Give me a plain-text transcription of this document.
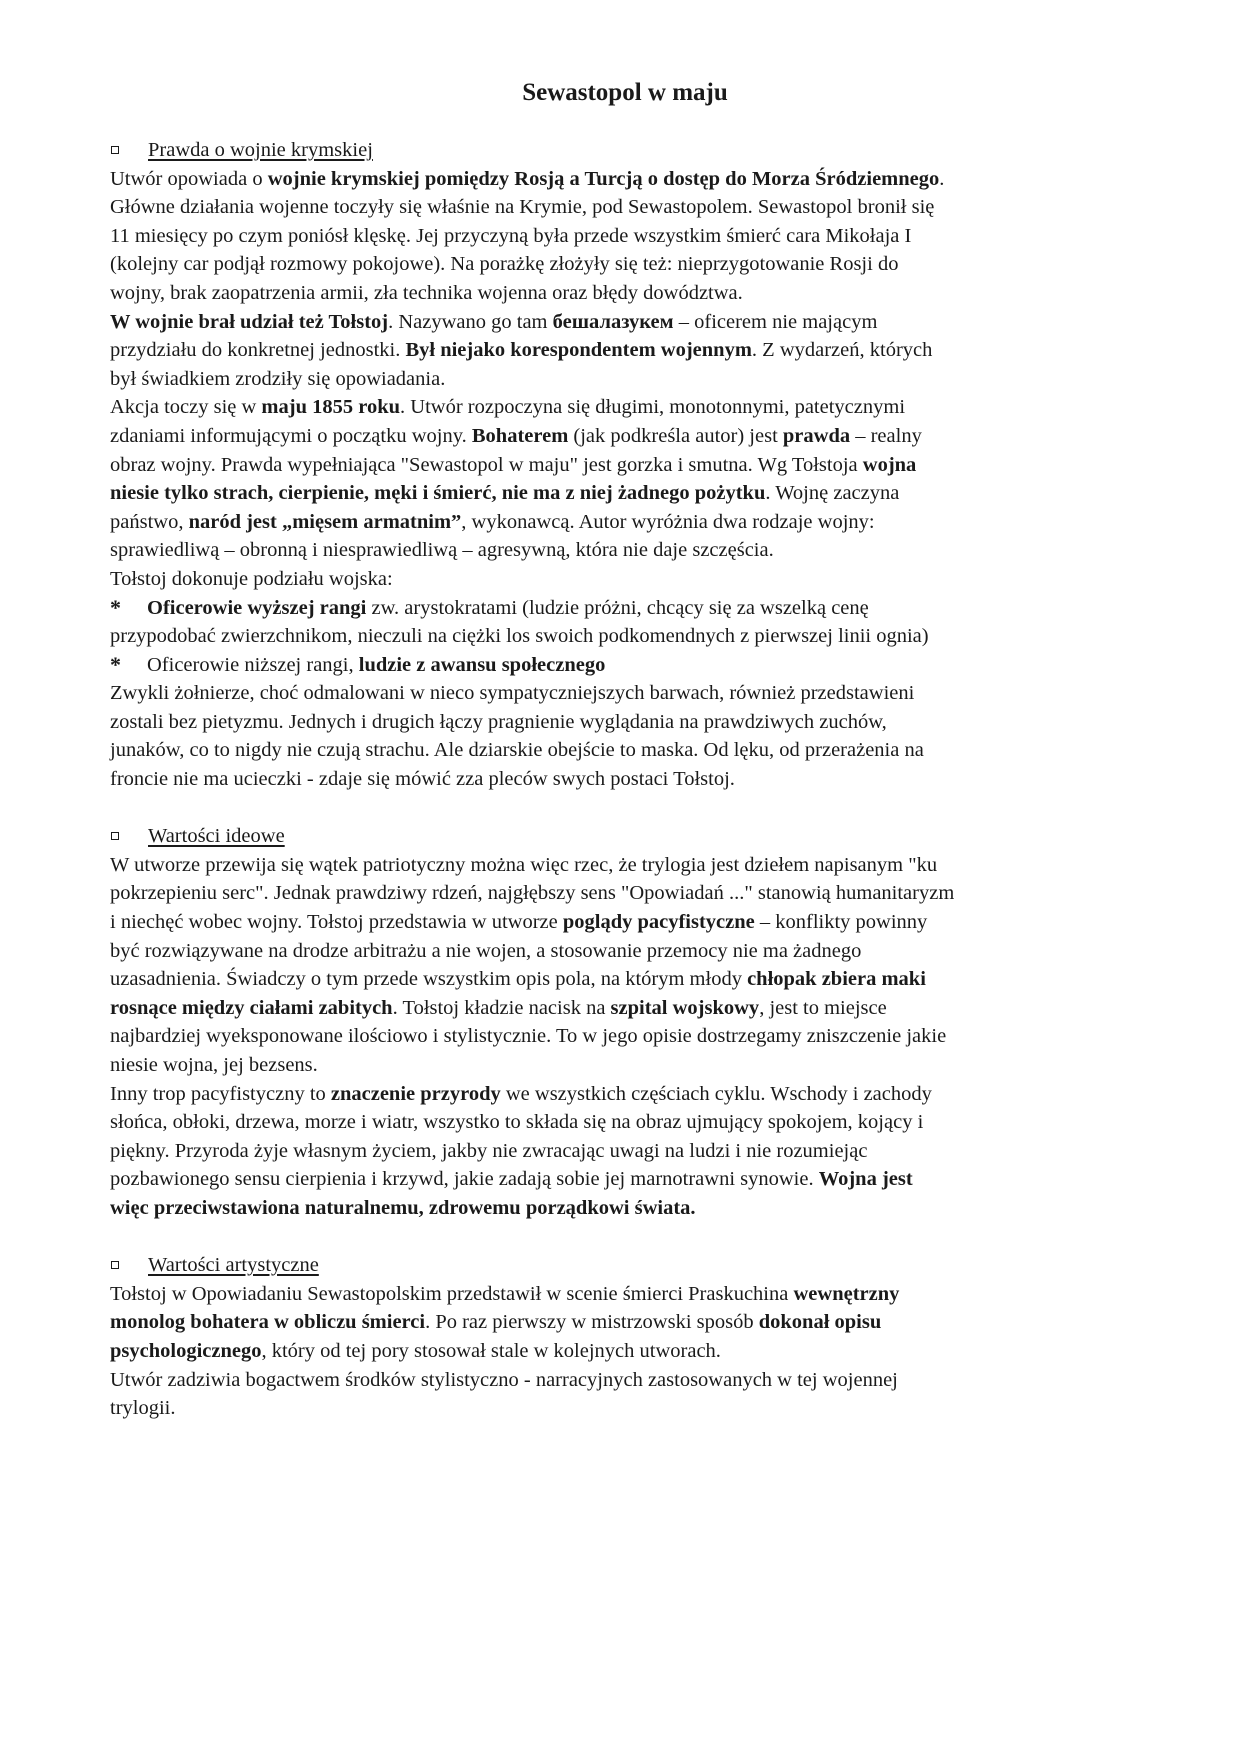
Sewastopol w maju
Prawda o wojnie krymskiej
Utwór opowiada o wojnie krymskiej pomiędzy Rosją a Turcją o dostęp do Morza Śródziemnego.
Główne działania wojenne toczyły się właśnie na Krymie, pod Sewastopolem. Sewastopol bronił się
11 miesięcy po czym poniósł klęskę. Jej przyczyną była przede wszystkim śmierć cara Mikołaja I
(kolejny car podjął rozmowy pokojowe). Na porażkę złożyły się też: nieprzygotowanie Rosji do
wojny, brak zaopatrzenia armii, zła technika wojenna oraz błędy dowództwa.
W wojnie brał udział też Tołstoj. Nazywano go tam бешалазукем – oficerem nie mającym
przydziału do konkretnej jednostki. Był niejako korespondentem wojennym. Z wydarzeń, których
był świadkiem zrodziły się opowiadania.
Akcja toczy się w maju 1855 roku. Utwór rozpoczyna się długimi, monotonnymi, patetycznymi
zdaniami informującymi o początku wojny. Bohaterem (jak podkreśla autor) jest prawda – realny
obraz wojny. Prawda wypełniająca "Sewastopol w maju" jest gorzka i smutna. Wg Tołstoja wojna
niesie tylko strach, cierpienie, męki i śmierć, nie ma z niej żadnego pożytku. Wojnę zaczyna
państwo, naród jest „mięsem armatnim”, wykonawcą. Autor wyróżnia dwa rodzaje wojny:
sprawiedliwą – obronną i niesprawiedliwą – agresywną, która nie daje szczęścia.
Tołstoj dokonuje podziału wojska:
* Oficerowie wyższej rangi zw. arystokratami (ludzie próżni, chcący się za wszelką cenę
przypodobać zwierzchnikom, nieczuli na ciężki los swoich podkomendnych z pierwszej linii ognia)
* Oficerowie niższej rangi, ludzie z awansu społecznego
Zwykli żołnierze, choć odmalowani w nieco sympatyczniejszych barwach, również przedstawieni
zostali bez pietyzmu. Jednych i drugich łączy pragnienie wyglądania na prawdziwych zuchów,
junaków, co to nigdy nie czują strachu. Ale dziarskie obejście to maska. Od lęku, od przerażenia na
froncie nie ma ucieczki - zdaje się mówić zza pleców swych postaci Tołstoj.
Wartości ideowe
W utworze przewija się wątek patriotyczny można więc rzec, że trylogia jest dziełem napisanym "ku
pokrzepieniu serc". Jednak prawdziwy rdzeń, najgłębszy sens "Opowiadań ..." stanowią humanitaryzm
i niechęć wobec wojny. Tołstoj przedstawia w utworze poglądy pacyfistyczne – konflikty powinny
być rozwiązywane na drodze arbitrażu a nie wojen, a stosowanie przemocy nie ma żadnego
uzasadnienia. Świadczy o tym przede wszystkim opis pola, na którym młody chłopak zbiera maki
rosnące między ciałami zabitych. Tołstoj kładzie nacisk na szpital wojskowy, jest to miejsce
najbardziej wyeksponowane ilościowo i stylistycznie. To w jego opisie dostrzegamy zniszczenie jakie
niesie wojna, jej bezsens.
Inny trop pacyfistyczny to znaczenie przyrody we wszystkich częściach cyklu. Wschody i zachody
słońca, obłoki, drzewa, morze i wiatr, wszystko to składa się na obraz ujmujący spokojem, kojący i
piękny. Przyroda żyje własnym życiem, jakby nie zwracając uwagi na ludzi i nie rozumiejąc
pozbawionego sensu cierpienia i krzywd, jakie zadają sobie jej marnotrawni synowie. Wojna jest
więc przeciwstawiona naturalnemu, zdrowemu porządkowi świata.
Wartości artystyczne
Tołstoj w Opowiadaniu Sewastopolskim przedstawił w scenie śmierci Praskuchina wewnętrzny
monolog bohatera w obliczu śmierci. Po raz pierwszy w mistrzowski sposób dokonał opisu
psychologicznego, który od tej pory stosował stale w kolejnych utworach.
Utwór zadziwia bogactwem środków stylistyczno - narracyjnych zastosowanych w tej wojennej
trylogii.
